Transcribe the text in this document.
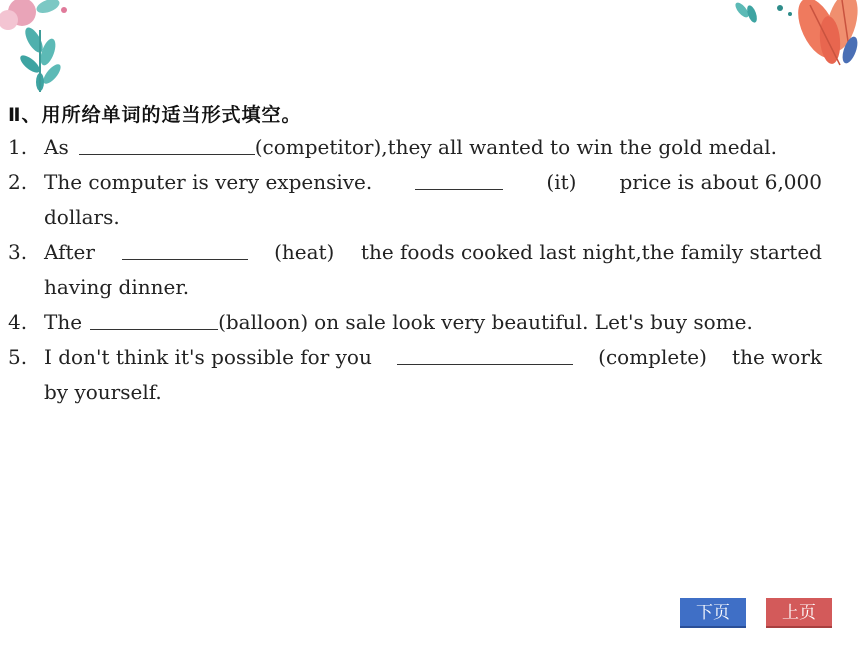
Ⅱ、用所给单词的适当形式填空。
1. As	(competitor) ,they all wanted to win the gold medal.
2. The computer is very expensive.	(it) price is about 6,000
dollars.
3. After	(heat) the foods cooked last night,the family started
having dinner.
4. The	(balloon) on sale look very beautiful. Let's buy some.
5. I don't think it's possible for you	(complete) the work
by yourself.
下页	上页
